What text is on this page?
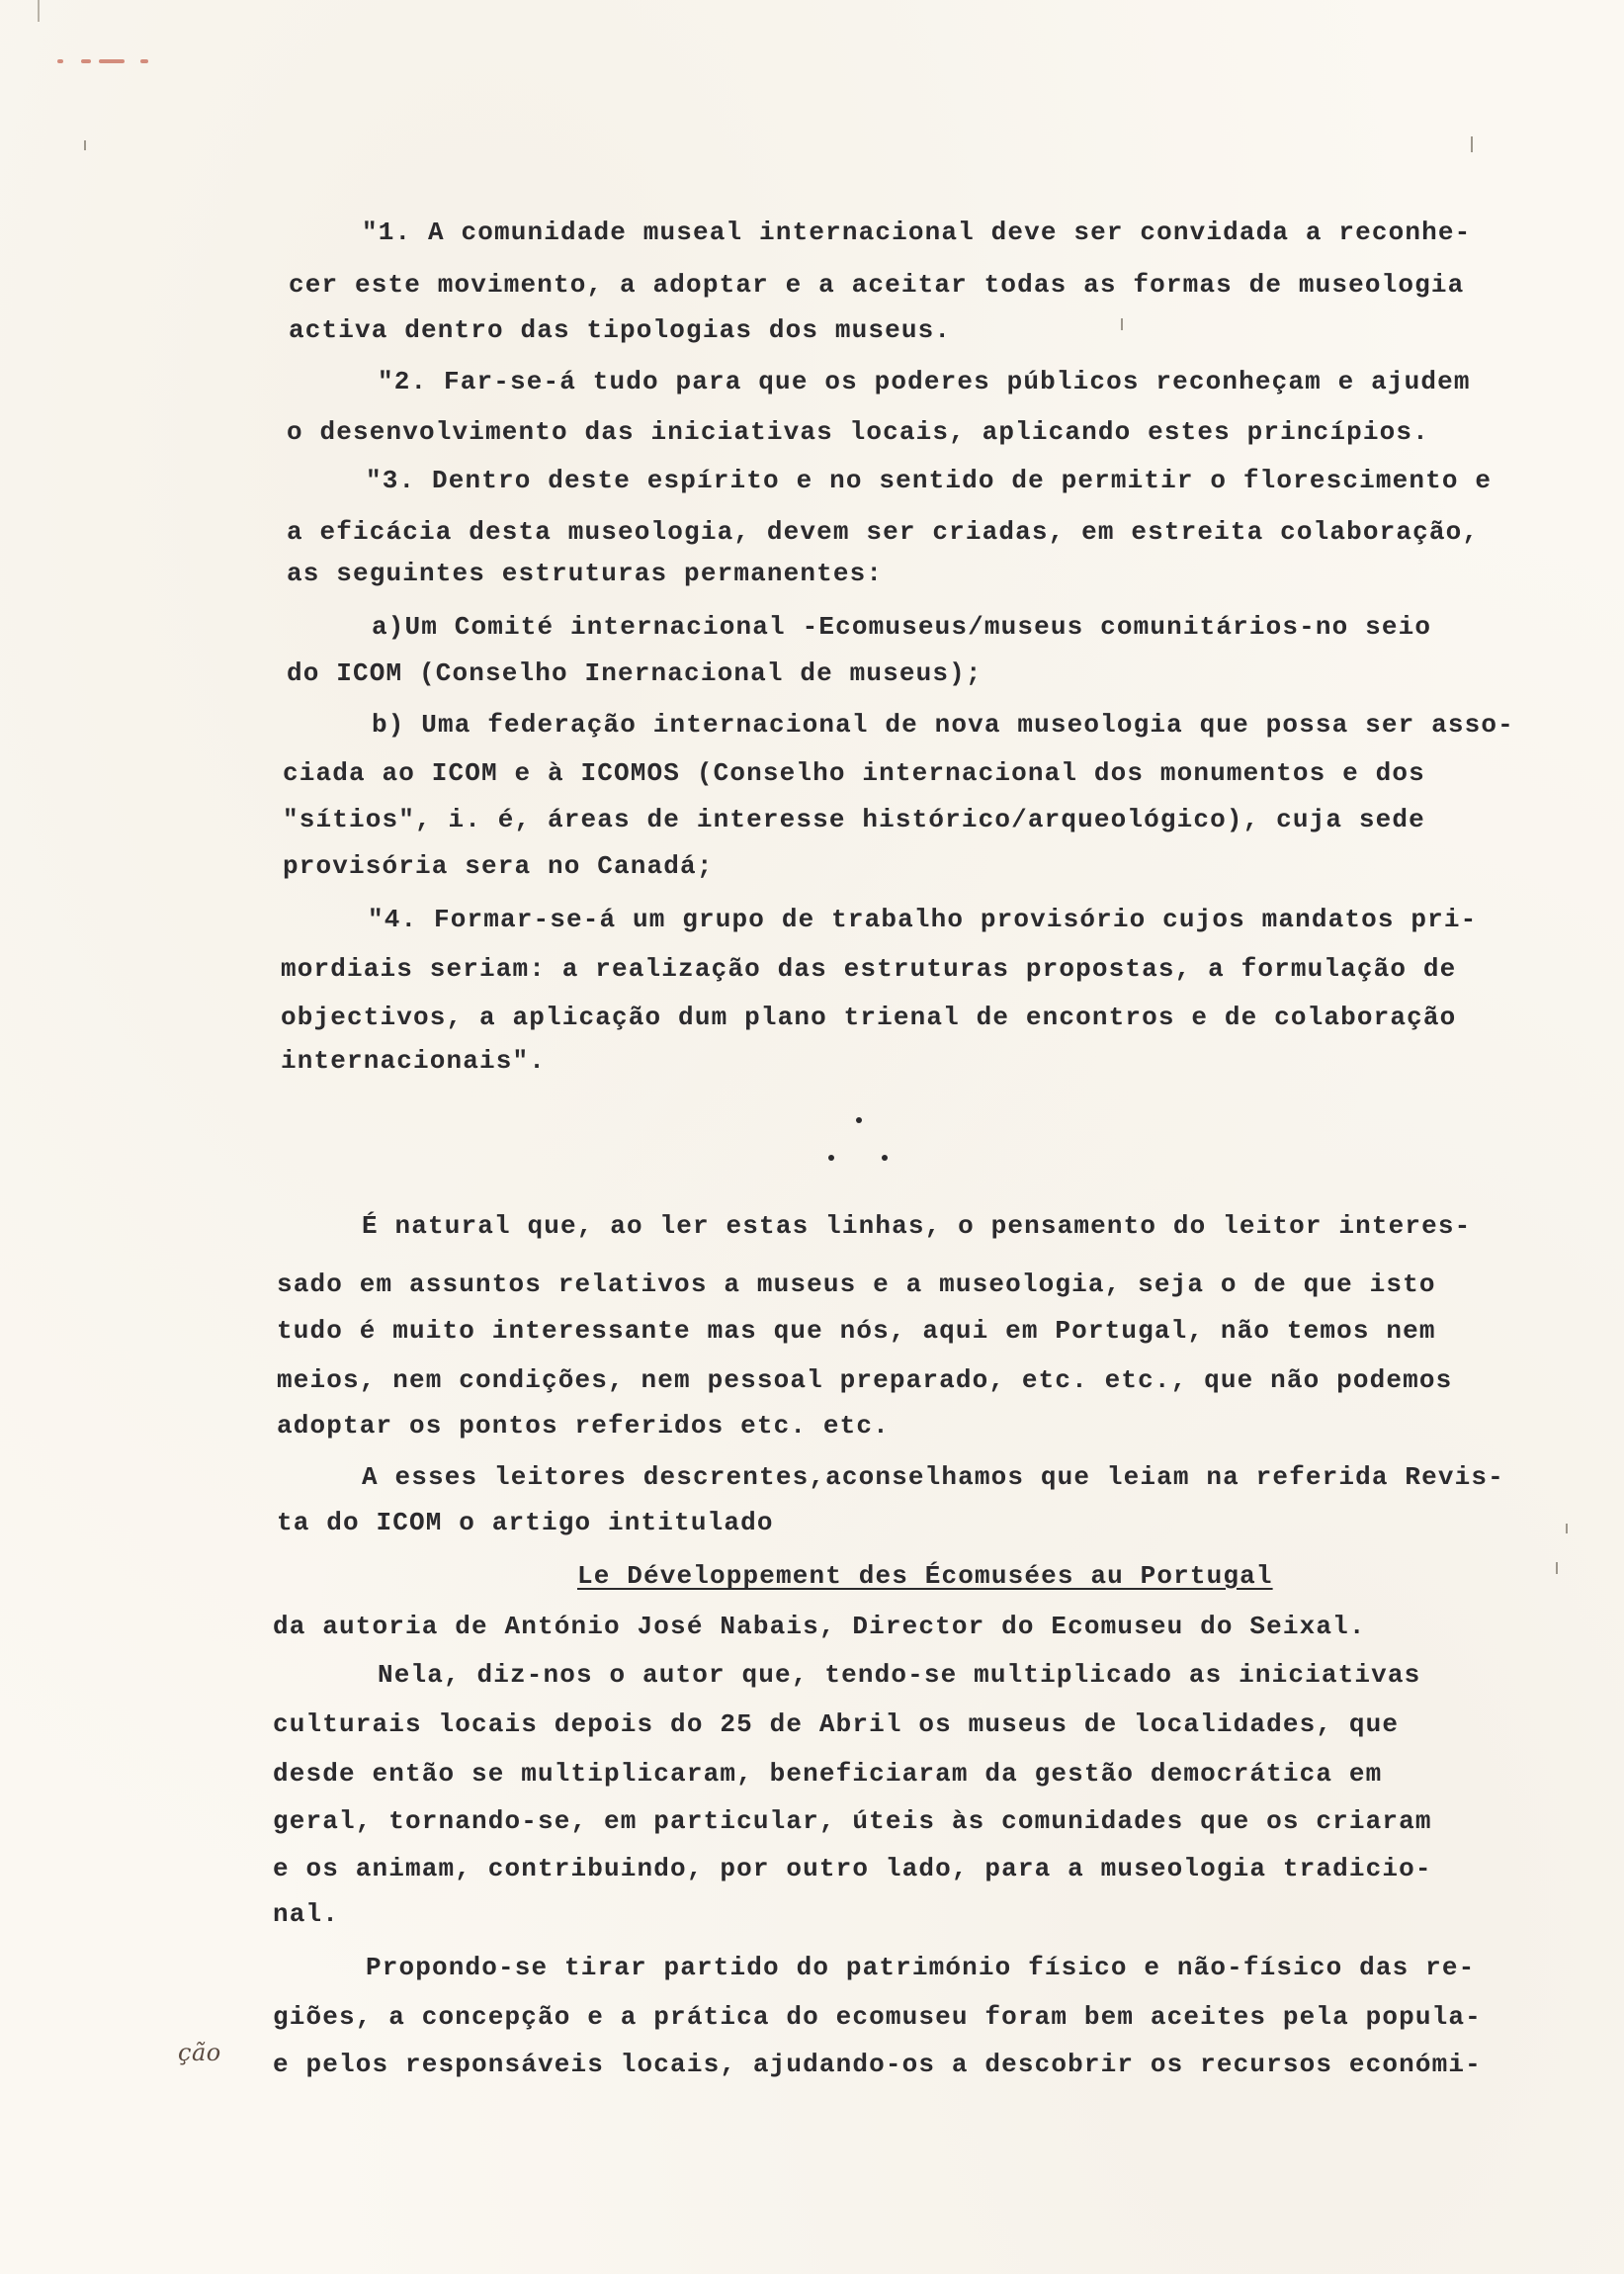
"1. A comunidade museal internacional deve ser convidada a reconhe-
cer este movimento, a adoptar e a aceitar todas as formas de museologia
activa dentro das tipologias dos museus.
"2. Far-se-á tudo para que os poderes públicos reconheçam e ajudem
o desenvolvimento das iniciativas locais, aplicando estes princípios.
"3. Dentro deste espírito e no sentido de permitir o florescimento e
a eficácia desta museologia, devem ser criadas, em estreita colaboração,
as seguintes estruturas permanentes:
a)Um Comité internacional -Ecomuseus/museus comunitários-no seio
do ICOM (Conselho Inernacional de museus);
b) Uma federação internacional de nova museologia que possa ser asso-
ciada ao ICOM e à ICOMOS (Conselho internacional dos monumentos e dos
"sítios", i. é, áreas de interesse histórico/arqueológico), cuja sede
provisória sera no Canadá;
"4. Formar-se-á um grupo de trabalho provisório cujos mandatos pri-
mordiais seriam: a realização das estruturas propostas, a formulação de
objectivos, a aplicação dum plano trienal de encontros e de colaboração
internacionais".
É natural que, ao ler estas linhas, o pensamento do leitor interes-
sado em assuntos relativos a museus e a museologia, seja o de que isto
tudo é muito interessante mas que nós, aqui em Portugal, não temos nem
meios, nem condições, nem pessoal preparado, etc. etc., que não podemos
adoptar os pontos referidos etc. etc.
A esses leitores descrentes,aconselhamos que leiam na referida Revis-
ta do ICOM o artigo intitulado
Le Développement des Écomusées au Portugal
da autoria de António José Nabais, Director do Ecomuseu do Seixal.
Nela, diz-nos o autor que, tendo-se multiplicado as iniciativas
culturais locais depois do 25 de Abril os museus de localidades, que
desde então se multiplicaram, beneficiaram da gestão democrática em
geral, tornando-se, em particular, úteis às comunidades que os criaram
e os animam, contribuindo, por outro lado, para a museologia tradicio-
nal.
Propondo-se tirar partido do património físico e não-físico das re-
giões, a concepção e a prática do ecomuseu foram bem aceites pela popula-
e pelos responsáveis locais, ajudando-os a descobrir os recursos económi-
ção
